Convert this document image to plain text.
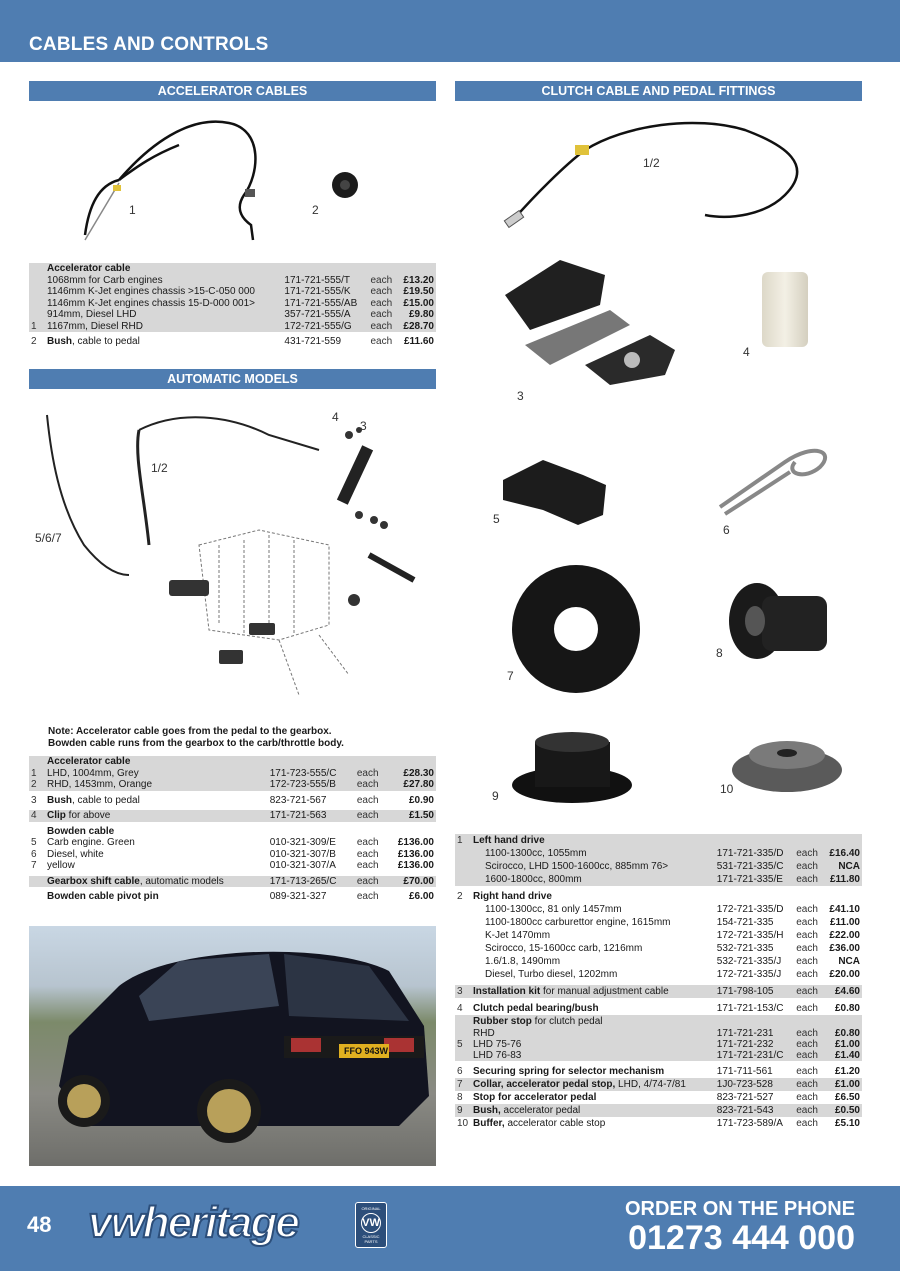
CABLES AND CONTROLS
ACCELERATOR CABLES	CLUTCH CABLE AND PEDAL FITTINGS
AUTOMATIC MODELS
1	2
	Accelerator cable			
	1068mm for Carb engines	171-721-555/T	each	£13.20
	1146mm K-Jet engines chassis >15-C-050 000	171-721-555/K	each	£19.50
	1146mm K-Jet engines chassis 15-D-000 001>	171-721-555/AB	each	£15.00
	914mm, Diesel LHD	357-721-555/A	each	£9.80
1	1167mm, Diesel RHD	172-721-555/G	each	£28.70

2	Bush, cable to pedal	431-721-559	each	£11.60
1/2
4
3
5/6/7
Note: Accelerator cable goes from the pedal to the gearbox.
Bowden cable runs from the gearbox to the carb/throttle body.
	Accelerator cable			
1	LHD, 1004mm, Grey	171-723-555/C	each	£28.30
2	RHD, 1453mm, Orange	172-723-555/B	each	£27.80

3	Bush, cable to pedal	823-721-567	each	£0.90

4	Clip for above	171-721-563	each	£1.50

	Bowden cable			
5	Carb engine. Green	010-321-309/E	each	£136.00
6	Diesel, white	010-321-307/B	each	£136.00
7	yellow	010-321-307/A	each	£136.00

	Gearbox shift cable, automatic models	171-713-265/C	each	£70.00

	Bowden cable pivot pin	089-321-327	each	£6.00
FFO 943W
1/2
3
4
5
6
7
8
9	10
1	Left hand drive			
	1100-1300cc, 1055mm	171-721-335/D	each	£16.40
	Scirocco, LHD 1500-1600cc, 885mm 76>	531-721-335/C	each	NCA
	1600-1800cc, 800mm	171-721-335/E	each	£11.80

2	Right hand drive			
	1100-1300cc, 81 only 1457mm	172-721-335/D	each	£41.10
	1100-1800cc carburettor engine, 1615mm	154-721-335	each	£11.00
	K-Jet 1470mm	172-721-335/H	each	£22.00
	Scirocco, 15-1600cc carb, 1216mm	532-721-335	each	£36.00
	1.6/1.8, 1490mm	532-721-335/J	each	NCA
	Diesel, Turbo diesel, 1202mm	172-721-335/J	each	£20.00

3	Installation kit for manual adjustment cable	171-798-105	each	£4.60

4	Clutch pedal bearing/bush	171-721-153/C	each	£0.80
	Rubber stop for clutch pedal			
	RHD	171-721-231	each	£0.80
5	LHD 75-76	171-721-232	each	£1.00
	LHD 76-83	171-721-231/C	each	£1.40

6	Securing spring for selector mechanism	171-711-561	each	£1.20
7	Collar, accelerator pedal stop, LHD, 4/74-7/81	1J0-723-528	each	£1.00
8	Stop for accelerator pedal	823-721-527	each	£6.50
9	Bush, accelerator pedal	823-721-543	each	£0.50
10	Buffer, accelerator cable stop	171-723-589/A	each	£5.10
48 vwheritage	ORIGINAL
VW
CLASSIC PARTS
ORDER ON THE PHONE
01273 444 000
